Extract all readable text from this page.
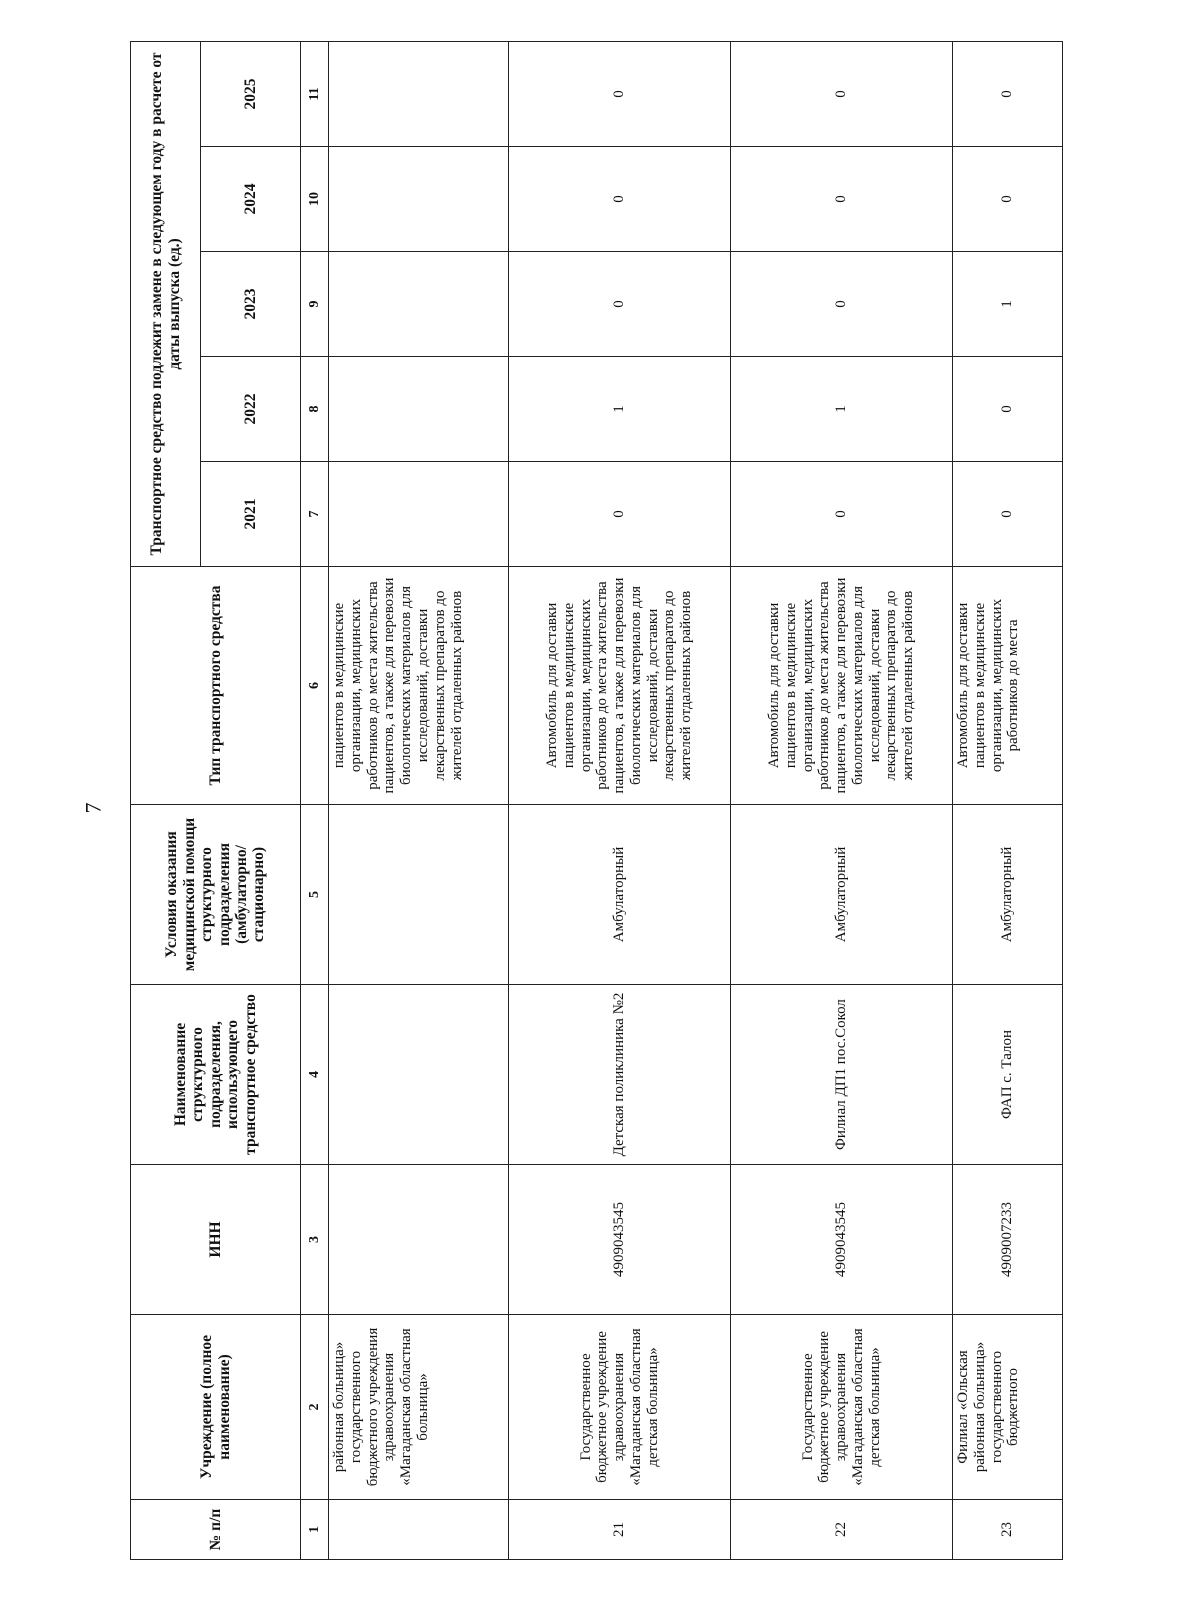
7
№ п/п	Учреждение (полное наименование)	ИНН	Наименование структурного подразделения, использующего транспортное средство	Условия оказания медицинской помощи структурного подразделения (амбулаторно/ стационарно)	Тип транспортного средства	Транспортное средство подлежит замене в следующем году в расчете от даты выпуска (ед.)				
						2021	2022	2023	2024	2025
1	2	3	4	5	6	7	8	9	10	11
	районная больница» государственного бюджетного учреждения здравоохранения «Магаданская областная больница»				пациентов в медицинские организации, медицинских работников до места жительства пациентов, а также для перевозки биологических материалов для исследований, доставки лекарственных препаратов до жителей отдаленных районов					
21	Государственное бюджетное учреждение здравоохранения «Магаданская областная детская больница»	4909043545	Детская поликлиника №2	Амбулаторный	Автомобиль для доставки пациентов в медицинские организации, медицинских работников до места жительства пациентов, а также для перевозки биологических материалов для исследований, доставки лекарственных препаратов до жителей отдаленных районов	0	1	0	0	0
22	Государственное бюджетное учреждение здравоохранения «Магаданская областная детская больница»	4909043545	Филиал ДП1 пос.Сокол	Амбулаторный	Автомобиль для доставки пациентов в медицинские организации, медицинских работников до места жительства пациентов, а также для перевозки биологических материалов для исследований, доставки лекарственных препаратов до жителей отдаленных районов	0	1	0	0	0
23	Филиал «Ольская районная больница» государственного бюджетного	4909007233	ФАП с. Талон	Амбулаторный	Автомобиль для доставки пациентов в медицинские организации, медицинских работников до места	0	0	1	0	0
